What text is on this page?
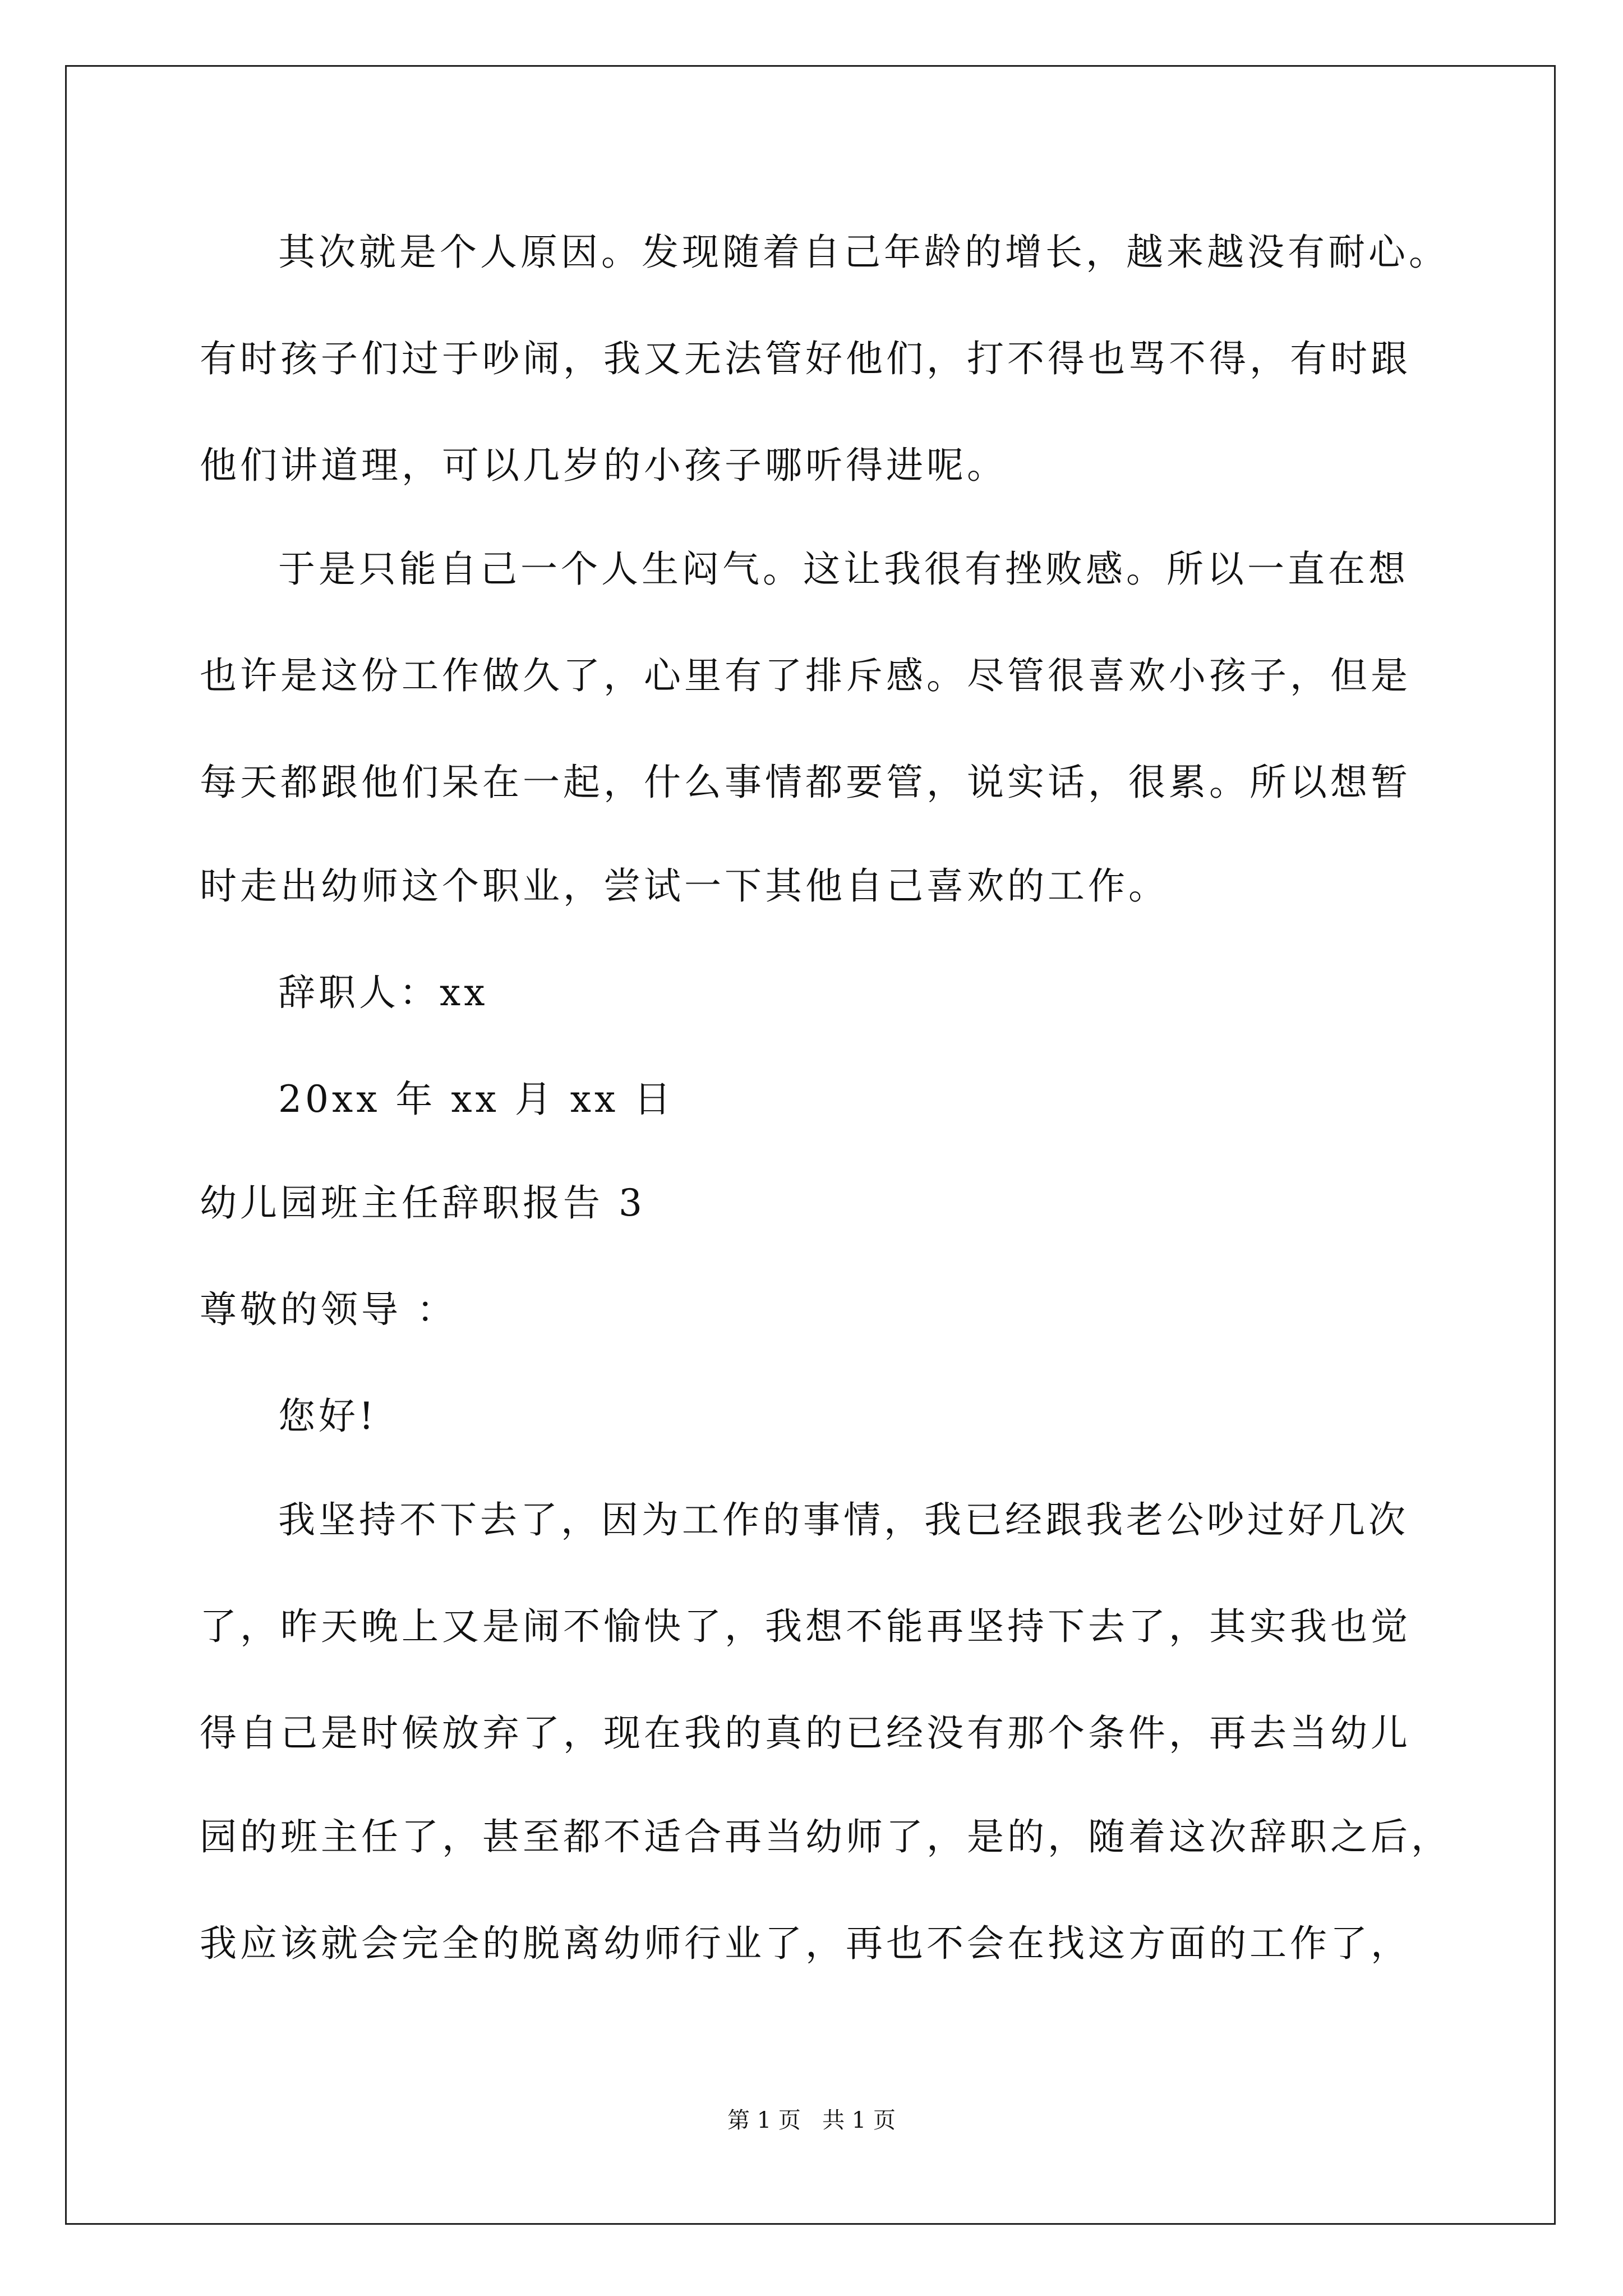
其次就是个人原因。发现随着自己年龄的增长，越来越没有耐心。
有时孩子们过于吵闹，我又无法管好他们，打不得也骂不得，有时跟
他们讲道理，可以几岁的小孩子哪听得进呢。
于是只能自己一个人生闷气。这让我很有挫败感。所以一直在想
也许是这份工作做久了，心里有了排斥感。尽管很喜欢小孩子，但是
每天都跟他们呆在一起，什么事情都要管，说实话，很累。所以想暂
时走出幼师这个职业，尝试一下其他自己喜欢的工作。
辞职人：xx
20xx 年 xx 月 xx 日
幼儿园班主任辞职报告 3
尊敬的领导 ：
您好!
我坚持不下去了，因为工作的事情，我已经跟我老公吵过好几次
了，昨天晚上又是闹不愉快了，我想不能再坚持下去了，其实我也觉
得自己是时候放弃了，现在我的真的已经没有那个条件，再去当幼儿
园的班主任了，甚至都不适合再当幼师了，是的，随着这次辞职之后，
我应该就会完全的脱离幼师行业了，再也不会在找这方面的工作了，
第 1 页   共 1 页
